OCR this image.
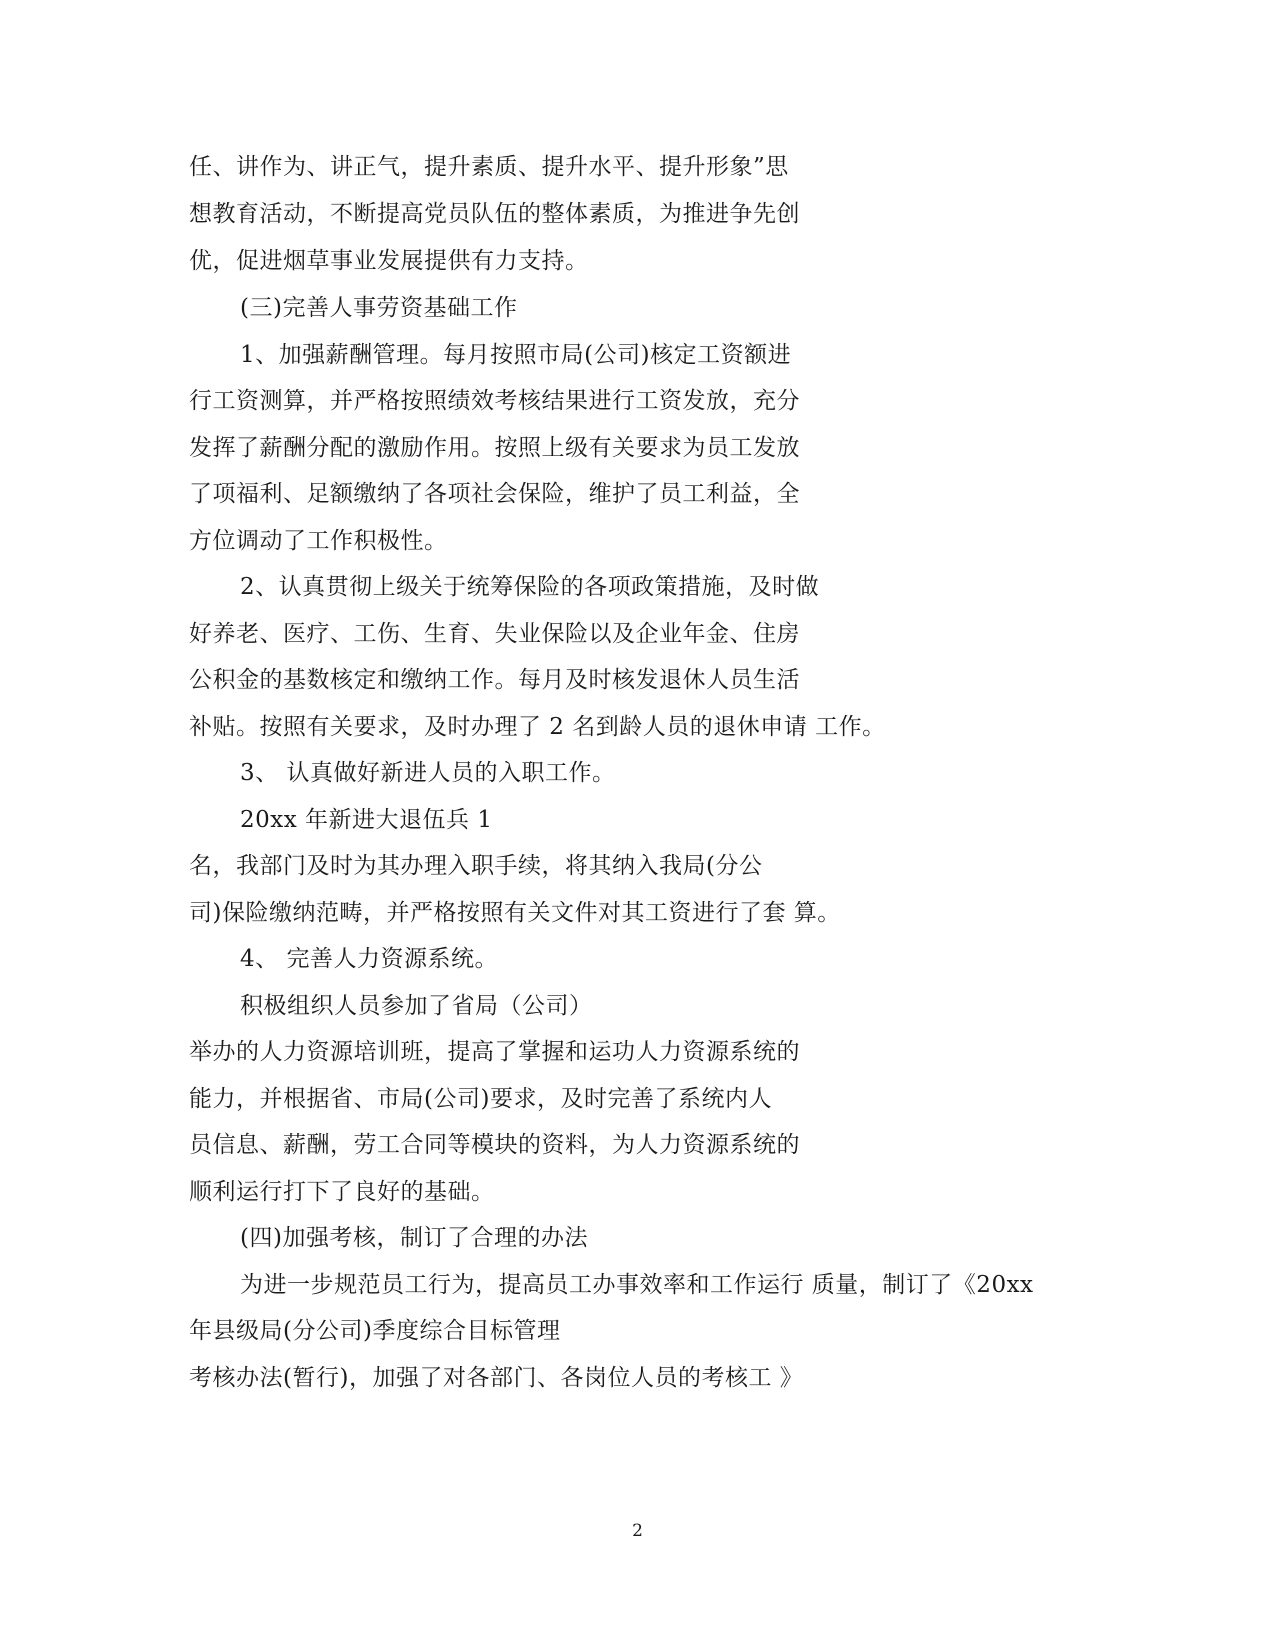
任、讲作为、讲正气，提升素质、提升水平、提升形象”思
想教育活动，不断提高党员队伍的整体素质，为推进争先创
优，促进烟草事业发展提供有力支持。
(三)完善人事劳资基础工作
1、加强薪酬管理。每月按照市局(公司)核定工资额进
行工资测算，并严格按照绩效考核结果进行工资发放，充分
发挥了薪酬分配的激励作用。按照上级有关要求为员工发放
了项福利、足额缴纳了各项社会保险，维护了员工利益，全
方位调动了工作积极性。
2、认真贯彻上级关于统筹保险的各项政策措施，及时做
好养老、医疗、工伤、生育、失业保险以及企业年金、住房
公积金的基数核定和缴纳工作。每月及时核发退休人员生活
补贴。按照有关要求，及时办理了 2 名到龄人员的退休申请 工作。
3、 认真做好新进人员的入职工作。
20xx 年新进大退伍兵 1
名，我部门及时为其办理入职手续，将其纳入我局(分公
司)保险缴纳范畴，并严格按照有关文件对其工资进行了套 算。
4、 完善人力资源系统。
积极组织人员参加了省局（公司）
举办的人力资源培训班，提高了掌握和运功人力资源系统的
能力，并根据省、市局(公司)要求，及时完善了系统内人
员信息、薪酬，劳工合同等模块的资料，为人力资源系统的
顺利运行打下了良好的基础。
(四)加强考核，制订了合理的办法
为进一步规范员工行为，提高员工办事效率和工作运行 质量，制订了《20xx
年县级局(分公司)季度综合目标管理
考核办法(暂行)，加强了对各部门、各岗位人员的考核工 》
2
